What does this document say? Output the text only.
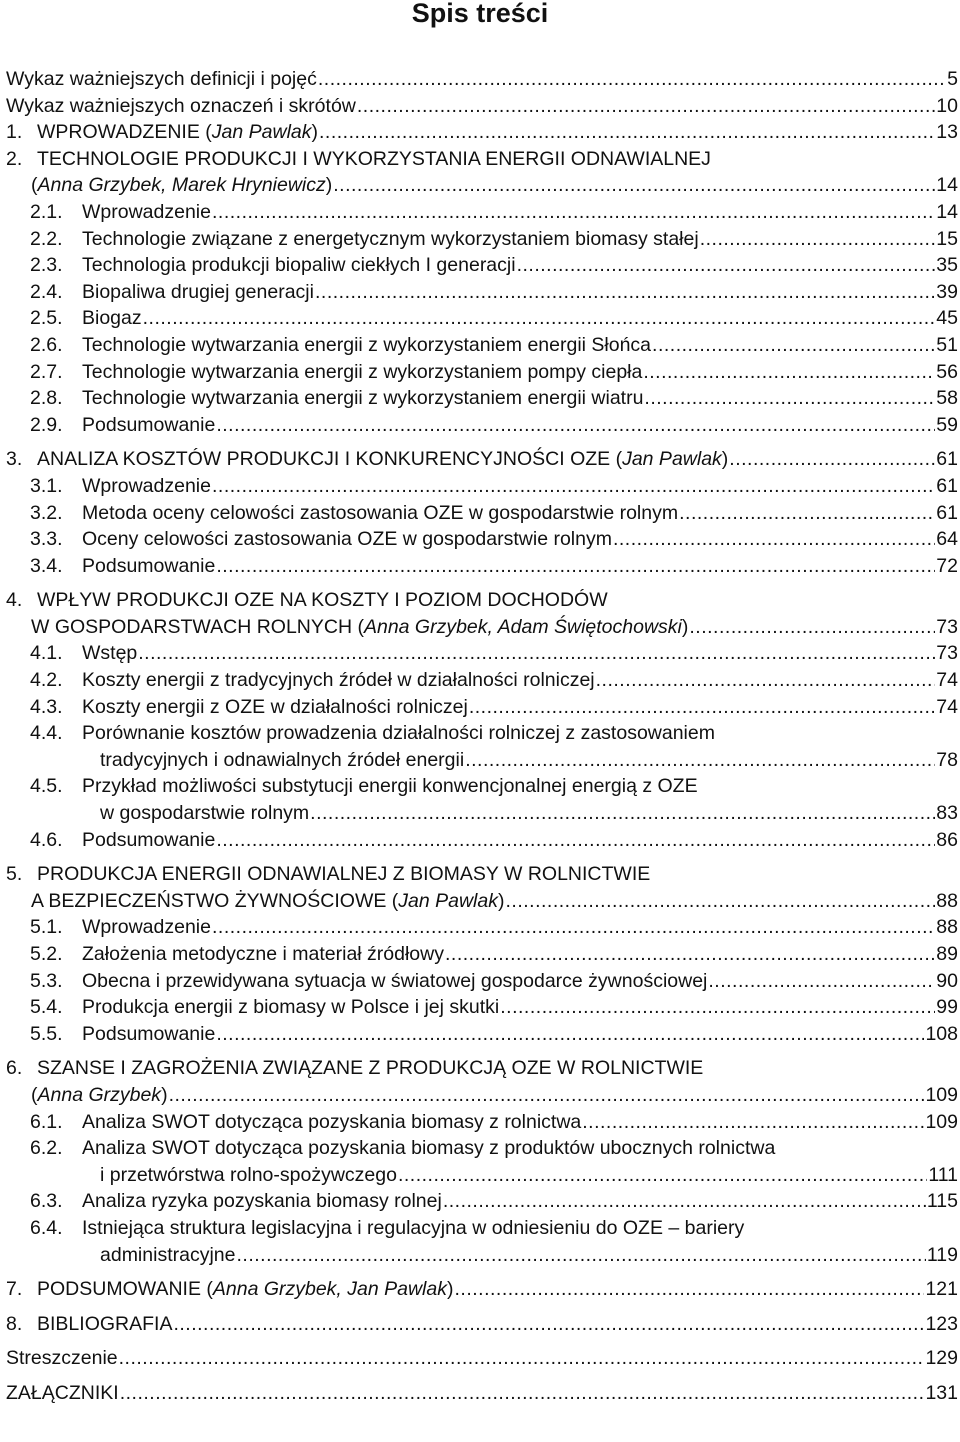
Spis treści
Wykaz ważniejszych definicji i pojęć .....	5
Wykaz ważniejszych oznaczeń i skrótów .....	10
1. WPROWADZENIE ( Jan Pawlak ) .....	13
2. TECHNOLOGIE PRODUKCJI I WYKORZYSTANIA ENERGII ODNAWIALNEJ
( Anna Grzybek, Marek Hryniewicz ) .....	14
2.1. Wprowadzenie .....	14
2.2. Technologie związane z energetycznym wykorzystaniem biomasy stałej .....	15
2.3. Technologia produkcji biopaliw ciekłych I generacji .....	35
2.4. Biopaliwa drugiej generacji .....	39
2.5. Biogaz .....	45
2.6. Technologie wytwarzania energii z wykorzystaniem energii Słońca .....	51
2.7. Technologie wytwarzania energii z wykorzystaniem pompy ciepła .....	56
2.8. Technologie wytwarzania energii z wykorzystaniem energii wiatru .....	58
2.9. Podsumowanie .....	59
3. ANALIZA KOSZTÓW PRODUKCJI I KONKURENCYJNOŚCI OZE ( Jan Pawlak ) .....	61
3.1. Wprowadzenie .....	61
3.2. Metoda oceny celowości zastosowania OZE w gospodarstwie rolnym .....	61
3.3. Oceny celowości zastosowania OZE w gospodarstwie rolnym .....	64
3.4. Podsumowanie .....	72
4. WPŁYW PRODUKCJI OZE NA KOSZTY I POZIOM DOCHODÓW
W GOSPODARSTWACH ROLNYCH ( Anna Grzybek, Adam Świętochowski ) .....	73
4.1. Wstęp .....	73
4.2. Koszty energii z tradycyjnych źródeł w działalności rolniczej .....	74
4.3. Koszty energii z OZE w działalności rolniczej .....	74
4.4. Porównanie kosztów prowadzenia działalności rolniczej z zastosowaniem
tradycyjnych i odnawialnych źródeł energii .....	78
4.5. Przykład możliwości substytucji energii konwencjonalnej energią z OZE
w gospodarstwie rolnym .....	83
4.6. Podsumowanie .....	86
5. PRODUKCJA ENERGII ODNAWIALNEJ Z BIOMASY W ROLNICTWIE
A BEZPIECZEŃSTWO ŻYWNOŚCIOWE ( Jan Pawlak ) .....	88
5.1. Wprowadzenie .....	88
5.2. Założenia metodyczne i materiał źródłowy .....	89
5.3. Obecna i przewidywana sytuacja w światowej gospodarce żywnościowej .....	90
5.4. Produkcja energii z biomasy w Polsce i jej skutki .....	99
5.5. Podsumowanie .....	108
6. SZANSE I ZAGROŻENIA ZWIĄZANE Z PRODUKCJĄ OZE W ROLNICTWIE
( Anna Grzybek ) .....	109
6.1. Analiza SWOT dotycząca pozyskania biomasy z rolnictwa .....	109
6.2. Analiza SWOT dotycząca pozyskania biomasy z produktów ubocznych rolnictwa
i przetwórstwa rolno-spożywczego .....	111
6.3. Analiza ryzyka pozyskania biomasy rolnej .....	115
6.4. Istniejąca struktura legislacyjna i regulacyjna w odniesieniu do OZE – bariery
administracyjne .....	119
7. PODSUMOWANIE ( Anna Grzybek, Jan Pawlak ) .....	121
8. BIBLIOGRAFIA .....	123
Streszczenie .....	129
ZAŁĄCZNIKI .....	131
